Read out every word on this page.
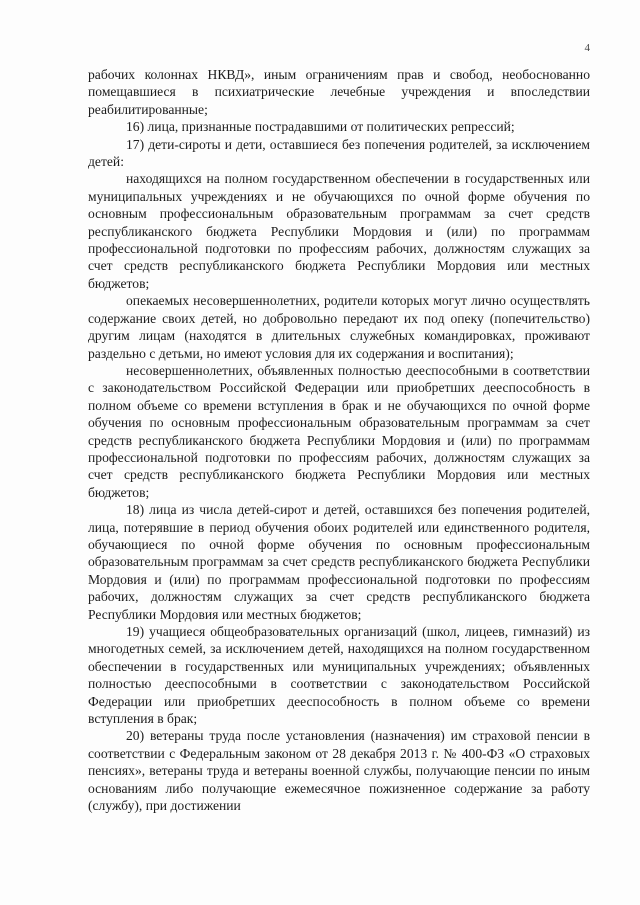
4

рабочих колоннах НКВД», иным ограничениям прав и свобод, необоснованно помещавшиеся в психиатрические лечебные учреждения и впоследствии реабилитированные;

16) лица, признанные пострадавшими от политических репрессий;

17) дети-сироты и дети, оставшиеся без попечения родителей, за исключением детей:

находящихся на полном государственном обеспечении в государственных или муниципальных учреждениях и не обучающихся по очной форме обучения по основным профессиональным образовательным программам за счет средств республиканского бюджета Республики Мордовия и (или) по программам профессиональной подготовки по профессиям рабочих, должностям служащих за счет средств республиканского бюджета Республики Мордовия или местных бюджетов;

опекаемых несовершеннолетних, родители которых могут лично осуществлять содержание своих детей, но добровольно передают их под опеку (попечительство) другим лицам (находятся в длительных служебных командировках, проживают раздельно с детьми, но имеют условия для их содержания и воспитания);

несовершеннолетних, объявленных полностью дееспособными в соответствии с законодательством Российской Федерации или приобретших дееспособность в полном объеме со времени вступления в брак и не обучающихся по очной форме обучения по основным профессиональным образовательным программам за счет средств республиканского бюджета Республики Мордовия и (или) по программам профессиональной подготовки по профессиям рабочих, должностям служащих за счет средств республиканского бюджета Республики Мордовия или местных бюджетов;

18) лица из числа детей-сирот и детей, оставшихся без попечения родителей, лица, потерявшие в период обучения обоих родителей или единственного родителя, обучающиеся по очной форме обучения по основным профессиональным образовательным программам за счет средств республиканского бюджета Республики Мордовия и (или) по программам профессиональной подготовки по профессиям рабочих, должностям служащих за счет средств республиканского бюджета Республики Мордовия или местных бюджетов;

19) учащиеся общеобразовательных организаций (школ, лицеев, гимназий) из многодетных семей, за исключением детей, находящихся на полном государственном обеспечении в государственных или муниципальных учреждениях; объявленных полностью дееспособными в соответствии с законодательством Российской Федерации или приобретших дееспособность в полном объеме со времени вступления в брак;

20) ветераны труда после установления (назначения) им страховой пенсии в соответствии с Федеральным законом от 28 декабря 2013 г. № 400-ФЗ «О страховых пенсиях», ветераны труда и ветераны военной службы, получающие пенсии по иным основаниям либо получающие ежемесячное пожизненное содержание за работу (службу), при достижении
